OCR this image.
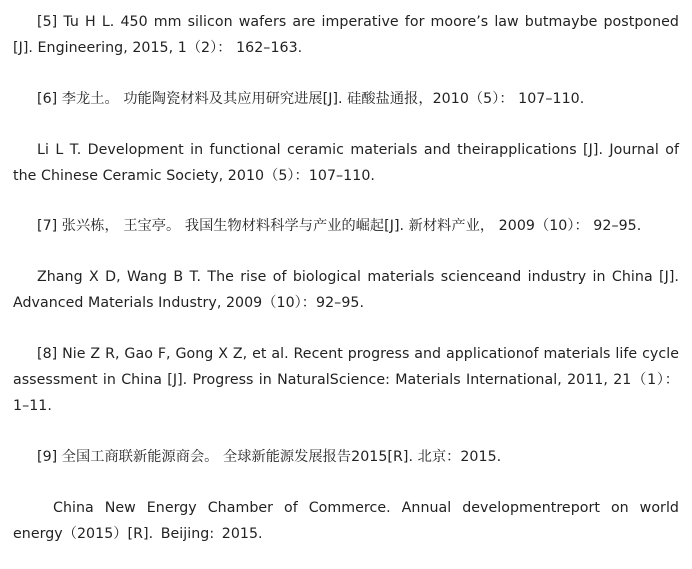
[5] Tu H L. 450 mm silicon wafers are imperative for moore’s law butmaybe postponed [J]. Engineering, 2015, 1（2）： 162–163.

[6] 李龙土。 功能陶瓷材料及其应用研究进展[J]. 硅酸盐通报，2010（5）： 107–110.

Li L T. Development in functional ceramic materials and theirapplications [J]. Journal of the Chinese Ceramic Society, 2010（5）：107–110.

[7] 张兴栋， 王宝亭。 我国生物材料科学与产业的崛起[J]. 新材料产业， 2009（10）： 92–95.

Zhang X D, Wang B T. The rise of biological materials scienceand industry in China [J]. Advanced Materials Industry, 2009（10）：92–95.

[8] Nie Z R, Gao F, Gong X Z, et al. Recent progress and applicationof materials life cycle assessment in China [J]. Progress in NaturalScience: Materials International, 2011, 21（1）： 1–11.

[9] 全国工商联新能源商会。 全球新能源发展报告2015[R]. 北京：2015.

China New Energy Chamber of Commerce. Annual developmentreport on world energy（2015）[R]. Beijing: 2015.
